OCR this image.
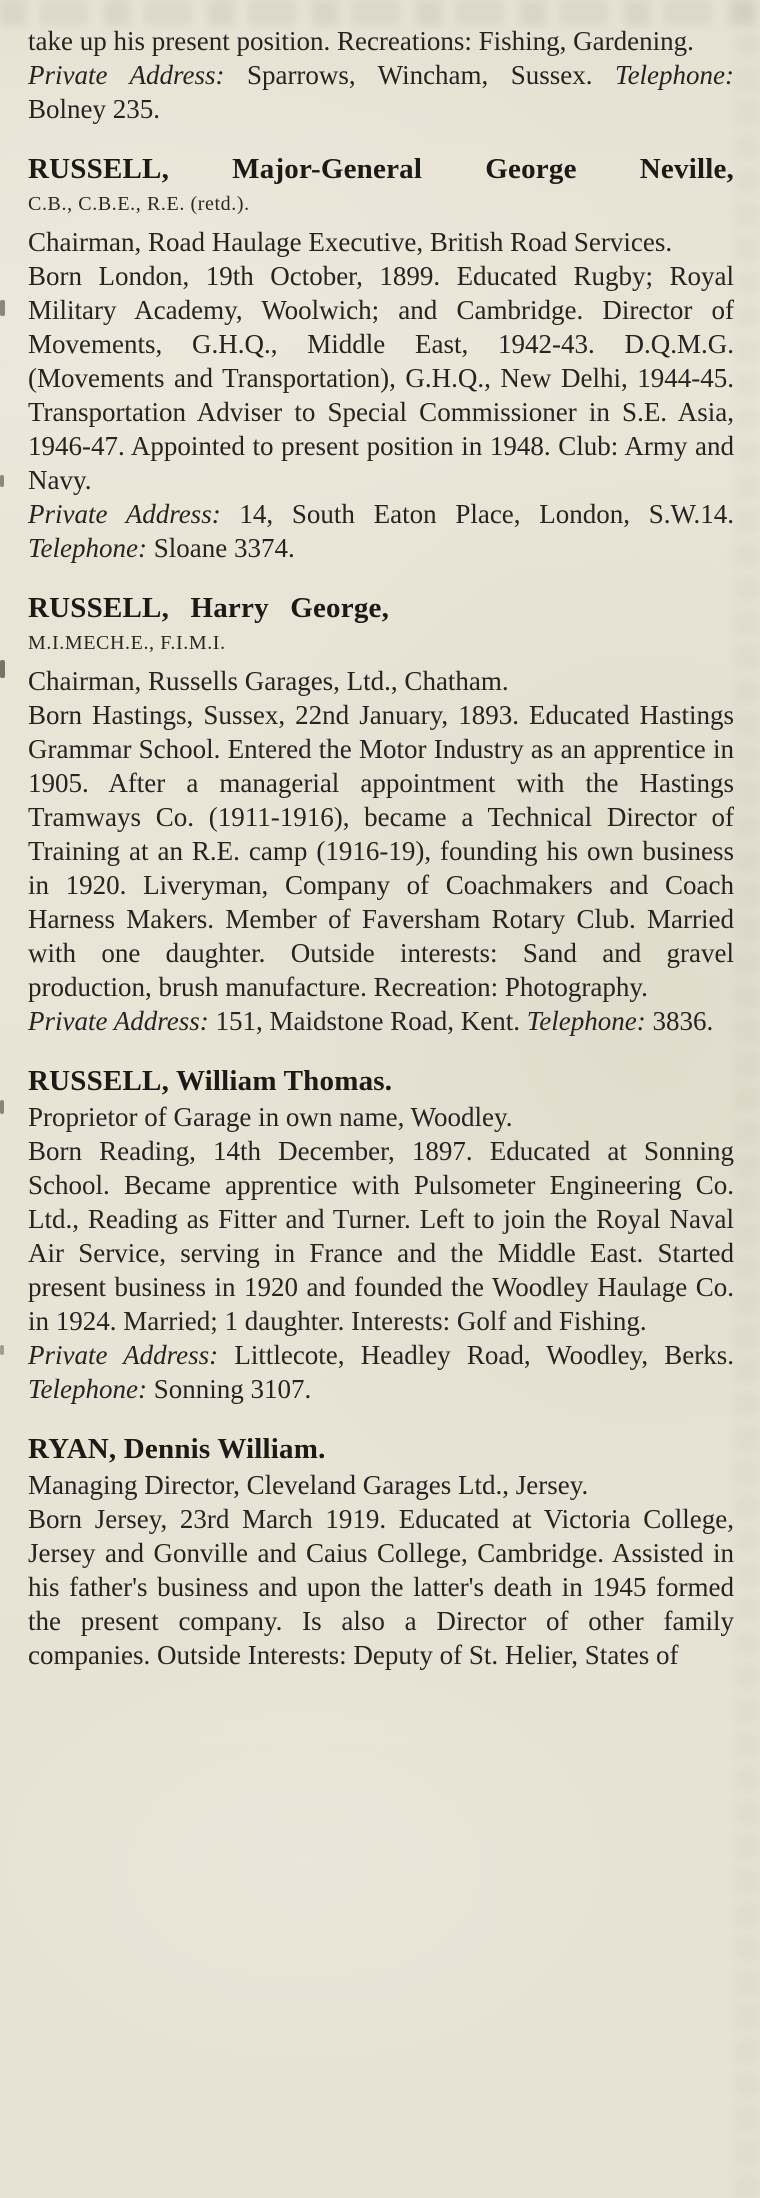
take up his present position. Recreations: Fishing, Gardening.

Private Address: Sparrows, Wincham, Sussex. Telephone: Bolney 235.

RUSSELL, Major-General George Neville,
C.B., C.B.E., R.E. (retd.).

Chairman, Road Haulage Executive, British Road Services.

Born London, 19th October, 1899. Educated Rugby; Royal Military Academy, Woolwich; and Cambridge. Director of Movements, G.H.Q., Middle East, 1942-43. D.Q.M.G. (Movements and Transportation), G.H.Q., New Delhi, 1944-45. Transportation Adviser to Special Commissioner in S.E. Asia, 1946-47. Appointed to present position in 1948. Club: Army and Navy.

Private Address: 14, South Eaton Place, London, S.W.14. Telephone: Sloane 3374.

RUSSELL, Harry George,
M.I.MECH.E., F.I.M.I.

Chairman, Russells Garages, Ltd., Chatham.

Born Hastings, Sussex, 22nd January, 1893. Educated Hastings Grammar School. Entered the Motor Industry as an apprentice in 1905. After a managerial appointment with the Hastings Tramways Co. (1911-1916), became a Technical Director of Training at an R.E. camp (1916-19), founding his own business in 1920. Liveryman, Company of Coachmakers and Coach Harness Makers. Member of Faversham Rotary Club. Married with one daughter. Outside interests: Sand and gravel production, brush manufacture. Recreation: Photography.

Private Address: 151, Maidstone Road, Kent. Telephone: 3836.

RUSSELL, William Thomas.

Proprietor of Garage in own name, Woodley.

Born Reading, 14th December, 1897. Educated at Sonning School. Became apprentice with Pulsometer Engineering Co. Ltd., Reading as Fitter and Turner. Left to join the Royal Naval Air Service, serving in France and the Middle East. Started present business in 1920 and founded the Woodley Haulage Co. in 1924. Married; 1 daughter. Interests: Golf and Fishing.

Private Address: Littlecote, Headley Road, Woodley, Berks. Telephone: Sonning 3107.

RYAN, Dennis William.

Managing Director, Cleveland Garages Ltd., Jersey.

Born Jersey, 23rd March 1919. Educated at Victoria College, Jersey and Gonville and Caius College, Cambridge. Assisted in his father's business and upon the latter's death in 1945 formed the present company. Is also a Director of other family companies. Outside Interests: Deputy of St. Helier, States of
